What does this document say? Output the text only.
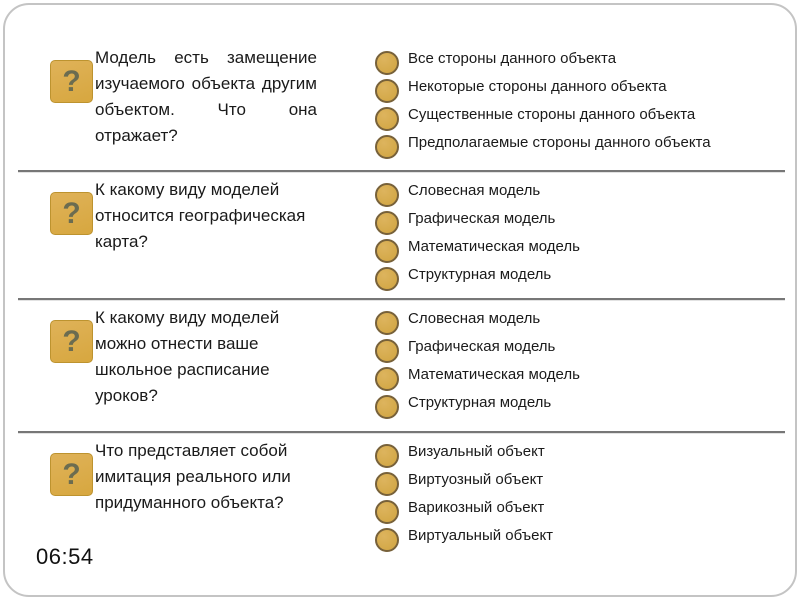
?
Модель есть замещение изучаемого объекта другим объектом. Что она отражает?
Все стороны данного объекта
Некоторые стороны данного объекта
Существенные стороны данного объекта
Предполагаемые стороны данного объекта
?
К какому виду моделей относится географическая карта?
Словесная модель
Графическая модель
Математическая модель
Структурная модель
?
К какому виду моделей можно отнести ваше школьное расписание уроков?
Словесная модель
Графическая модель
Математическая модель
Структурная модель
?
Что представляет собой имитация реального или придуманного объекта?
Визуальный объект
Виртуозный объект
Варикозный объект
Виртуальный объект
06:54
